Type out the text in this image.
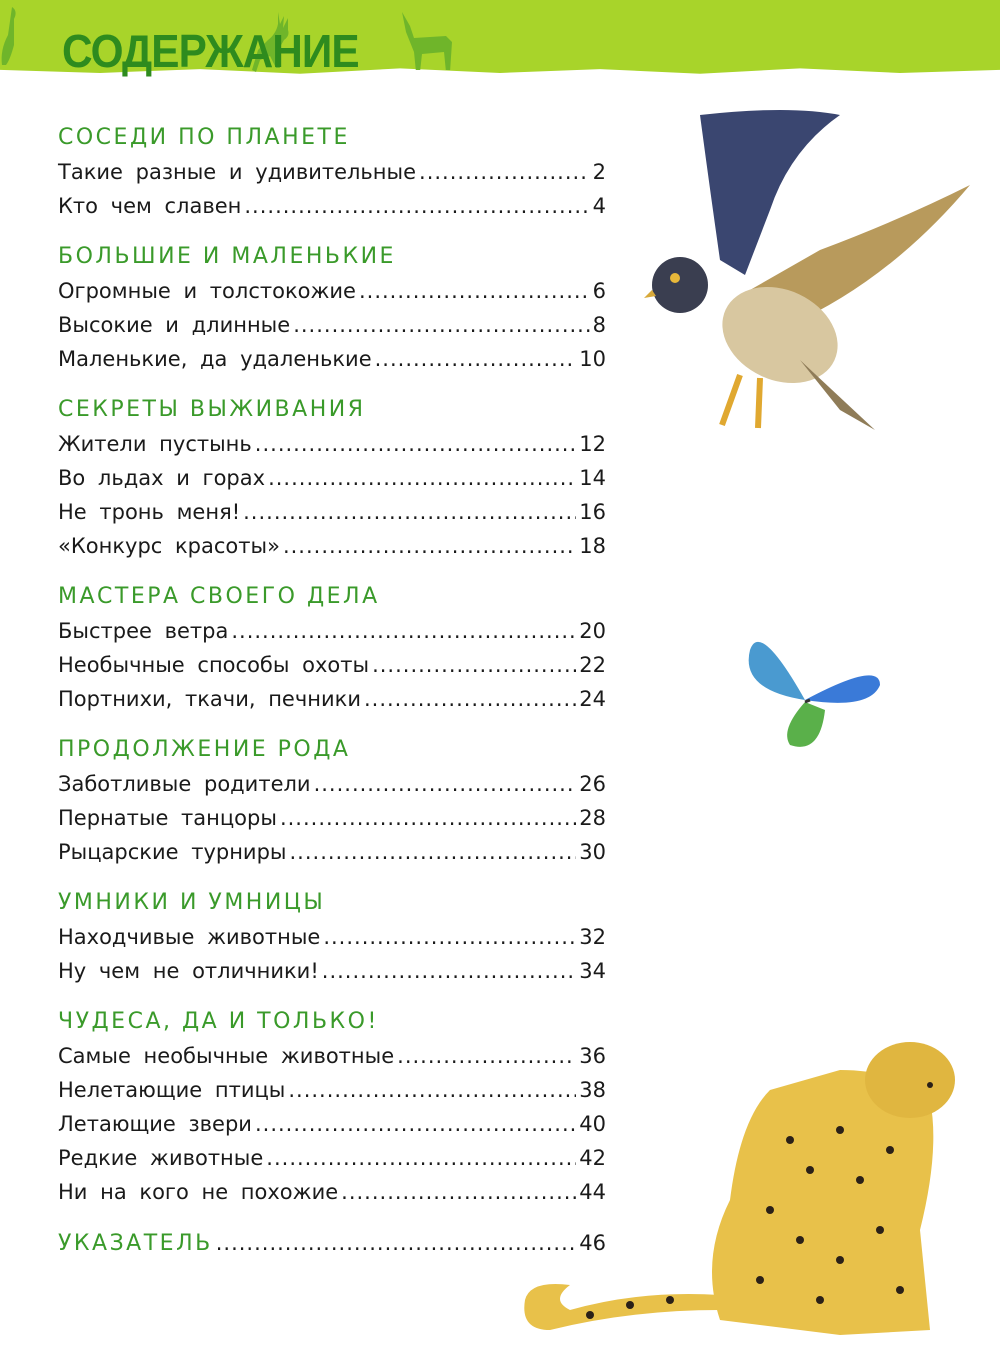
СОДЕРЖАНИЕ
СОСЕДИ ПО ПЛАНЕТЕ
Такие разные и удивительные .....	2
Кто чем славен .....	4
БОЛЬШИЕ И МАЛЕНЬКИЕ
Огромные и толстокожие .....	6
Высокие и длинные .....	8
Маленькие, да удаленькие .....	10
СЕКРЕТЫ ВЫЖИВАНИЯ
Жители пустынь .....	12
Во льдах и горах .....	14
Не тронь меня! .....	16
«Конкурс красоты» .....	18
МАСТЕРА СВОЕГО ДЕЛА
Быстрее ветра .....	20
Необычные способы охоты .....	22
Портнихи, ткачи, печники .....	24
ПРОДОЛЖЕНИЕ РОДА
Заботливые родители .....	26
Пернатые танцоры .....	28
Рыцарские турниры .....	30
УМНИКИ И УМНИЦЫ
Находчивые животные .....	32
Ну чем не отличники! .....	34
ЧУДЕСА, ДА И ТОЛЬКО!
Самые необычные животные .....	36
Нелетающие птицы .....	38
Летающие звери .....	40
Редкие животные .....	42
Ни на кого не похожие .....	44
УКАЗАТЕЛЬ .....	46
